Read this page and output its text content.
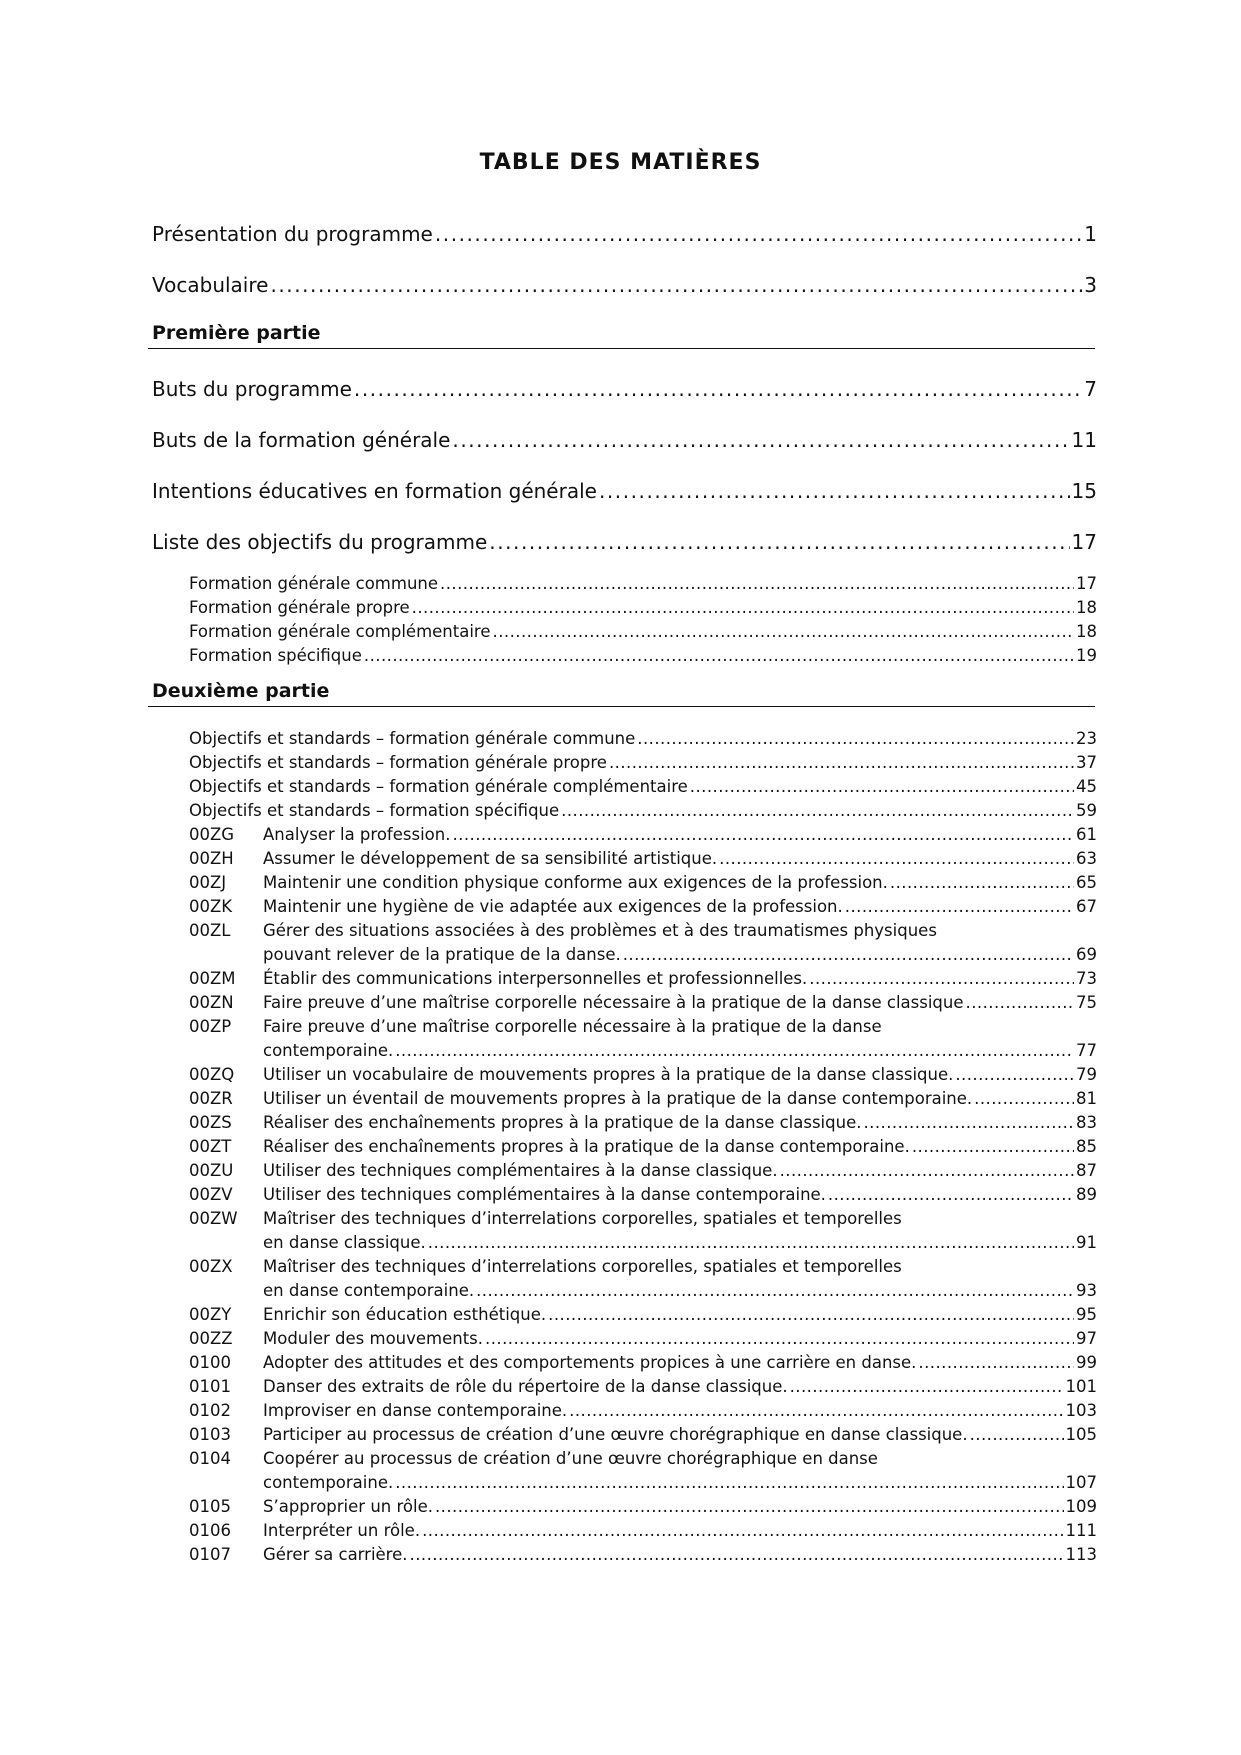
TABLE DES MATIÈRES
Présentation du programme . . .	1
Vocabulaire . . .	3
Première partie
Buts du programme . . .	7
Buts de la formation générale . . .	11
Intentions éducatives en formation générale . . .	15
Liste des objectifs du programme . . .	17
Formation générale commune . . .	17
Formation générale propre . . .	18
Formation générale complémentaire . . .	18
Formation spécifique . . .	19
Deuxième partie
Objectifs et standards – formation générale commune . . .	23
Objectifs et standards – formation générale propre . . .	37
Objectifs et standards – formation générale complémentaire . . .	45
Objectifs et standards – formation spécifique . . .	59
00ZG	Analyser la profession. . . .	61
00ZH	Assumer le développement de sa sensibilité artistique. . . .	63
00ZJ	Maintenir une condition physique conforme aux exigences de la profession. . . .	65
00ZK	Maintenir une hygiène de vie adaptée aux exigences de la profession. . . .	67
00ZL	Gérer des situations associées à des problèmes et à des traumatismes physiques
pouvant relever de la pratique de la danse. . . .	69
00ZM	Établir des communications interpersonnelles et professionnelles. . . .	73
00ZN	Faire preuve d’une maîtrise corporelle nécessaire à la pratique de la danse classique . . .	75
00ZP	Faire preuve d’une maîtrise corporelle nécessaire à la pratique de la danse
contemporaine. . . .	77
00ZQ	Utiliser un vocabulaire de mouvements propres à la pratique de la danse classique. . . .	79
00ZR	Utiliser un éventail de mouvements propres à la pratique de la danse contemporaine. . . .	81
00ZS	Réaliser des enchaînements propres à la pratique de la danse classique. . . .	83
00ZT	Réaliser des enchaînements propres à la pratique de la danse contemporaine. . . .	85
00ZU	Utiliser des techniques complémentaires à la danse classique. . . .	87
00ZV	Utiliser des techniques complémentaires à la danse contemporaine. . . .	89
00ZW	Maîtriser des techniques d’interrelations corporelles, spatiales et temporelles
en danse classique. . . .	91
00ZX	Maîtriser des techniques d’interrelations corporelles, spatiales et temporelles
en danse contemporaine. . . .	93
00ZY	Enrichir son éducation esthétique. . . .	95
00ZZ	Moduler des mouvements. . . .	97
0100	Adopter des attitudes et des comportements propices à une carrière en danse. . . .	99
0101	Danser des extraits de rôle du répertoire de la danse classique. . . .	101
0102	Improviser en danse contemporaine. . . .	103
0103	Participer au processus de création d’une œuvre chorégraphique en danse classique. . . .	105
0104	Coopérer au processus de création d’une œuvre chorégraphique en danse
contemporaine. . . .	107
0105	S’approprier un rôle. . . .	109
0106	Interpréter un rôle. . . .	111
0107	Gérer sa carrière. . . .	113
